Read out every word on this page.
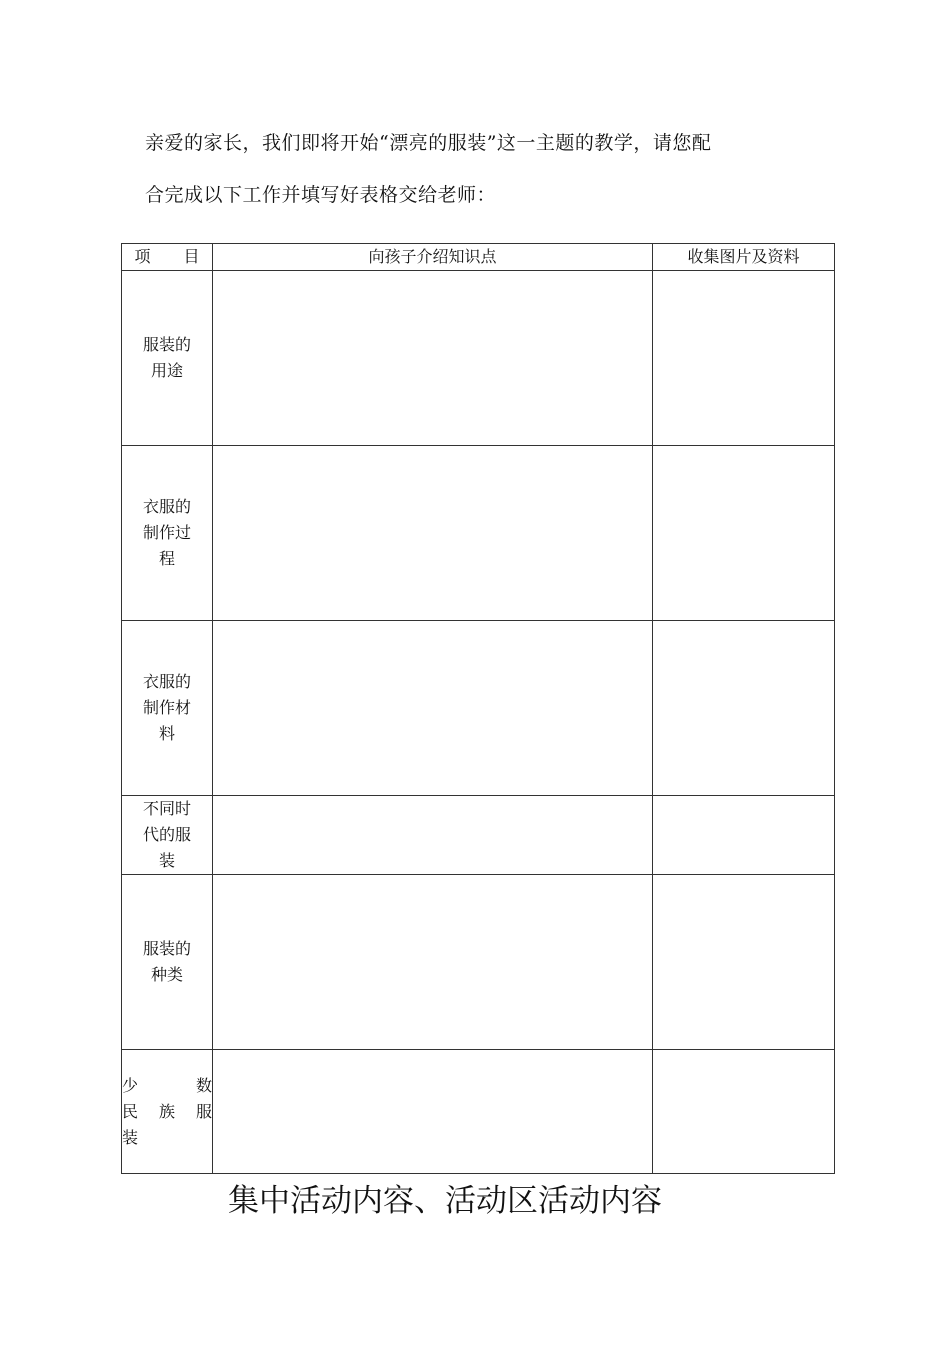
亲爱的家长，我们即将开始“漂亮的服装”这一主题的教学，请您配
合完成以下工作并填写好表格交给老师：
项 目	向孩子介绍知识点	收集图片及资料

服装的
用途		

衣服的
制作过
程		

衣服的
制作材
料		

不同时
代的服
装		

服装的
种类		

少数
民族服
装		

集中活动内容、活动区活动内容
